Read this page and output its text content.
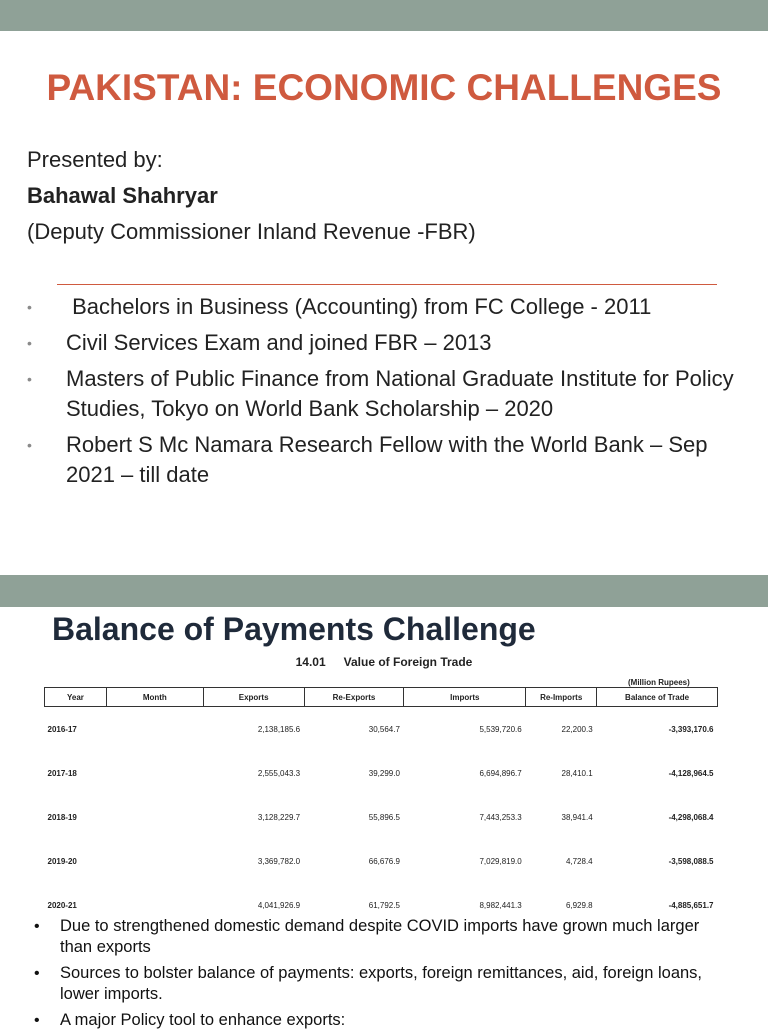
PAKISTAN: ECONOMIC CHALLENGES
Presented by:
Bahawal Shahryar
(Deputy Commissioner Inland Revenue -FBR)
• Bachelors in Business (Accounting) from FC College - 2011
• Civil Services Exam and joined FBR – 2013
• Masters of Public Finance from National Graduate Institute for Policy Studies, Tokyo on World Bank Scholarship – 2020
• Robert S Mc Namara Research Fellow with the World Bank – Sep 2021 – till date
Balance of Payments Challenge
14.01 Value of Foreign Trade
(Million Rupees)
Year	Month	Exports	Re-Exports	Imports	Re-Imports	Balance of Trade
2016-17		2,138,185.6	30,564.7	5,539,720.6	22,200.3	-3,393,170.6
2017-18		2,555,043.3	39,299.0	6,694,896.7	28,410.1	-4,128,964.5
2018-19		3,128,229.7	55,896.5	7,443,253.3	38,941.4	-4,298,068.4
2019-20		3,369,782.0	66,676.9	7,029,819.0	4,728.4	-3,598,088.5
2020-21		4,041,926.9	61,792.5	8,982,441.3	6,929.8	-4,885,651.7
• Due to strengthened domestic demand despite COVID imports have grown much larger than exports
• Sources to bolster balance of payments: exports, foreign remittances, aid, foreign loans, lower imports.
• A major Policy tool to enhance exports:
